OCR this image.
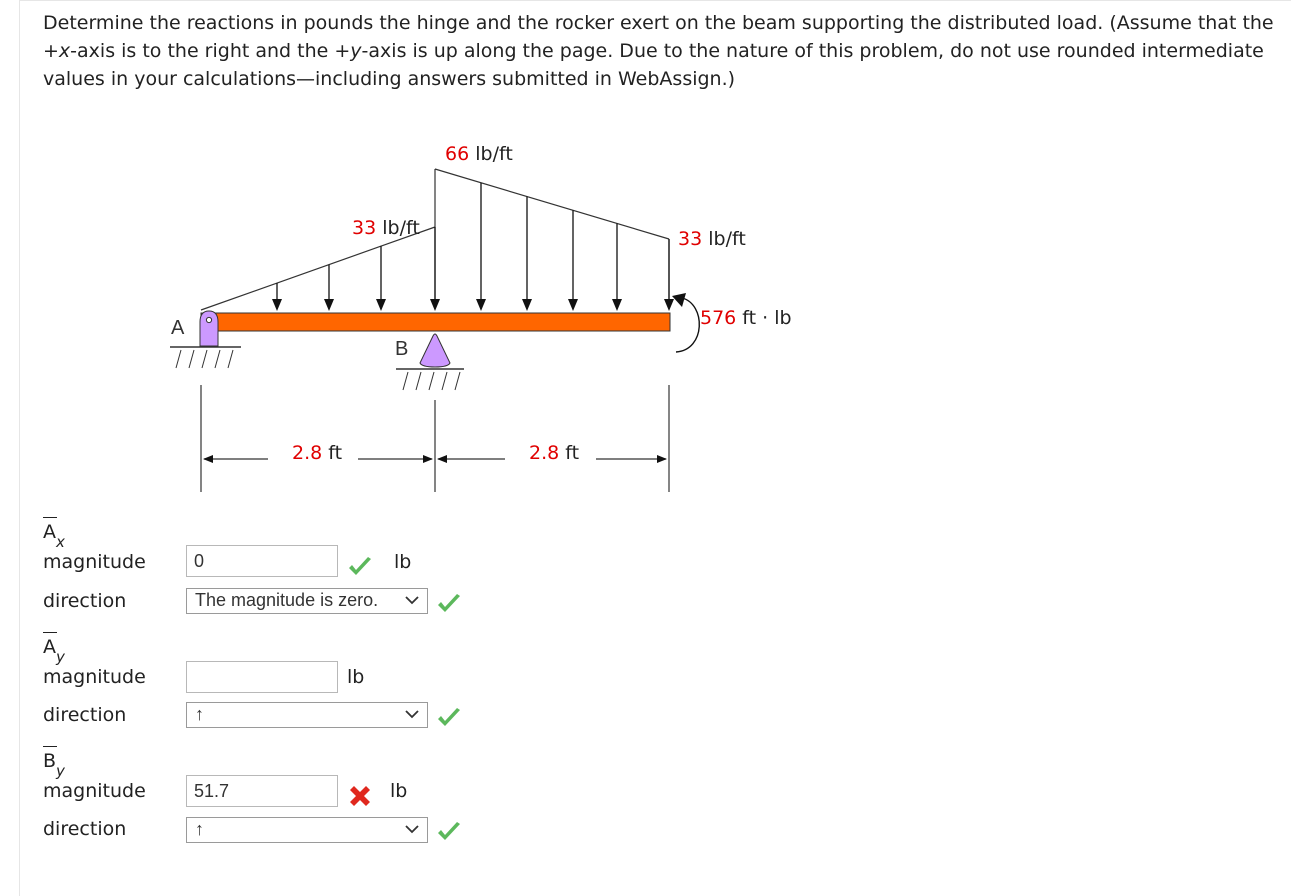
Determine the reactions in pounds the hinge and the rocker exert on the beam supporting the distributed load. (Assume that the +x-axis is to the right and the +y-axis is up along the page. Due to the nature of this problem, do not use rounded intermediate values in your calculations—including answers submitted in WebAssign.)

A
B
66 lb/ft
33 lb/ft	33 lb/ft
576 ft · lb
2.8 ft	2.8 ft
$A_x$
magnitude	0	lb
direction	The magnitude is zero.
$A_y$
magnitude	lb
direction	↑
$B_y$
magnitude	51.7	lb
direction	↑
